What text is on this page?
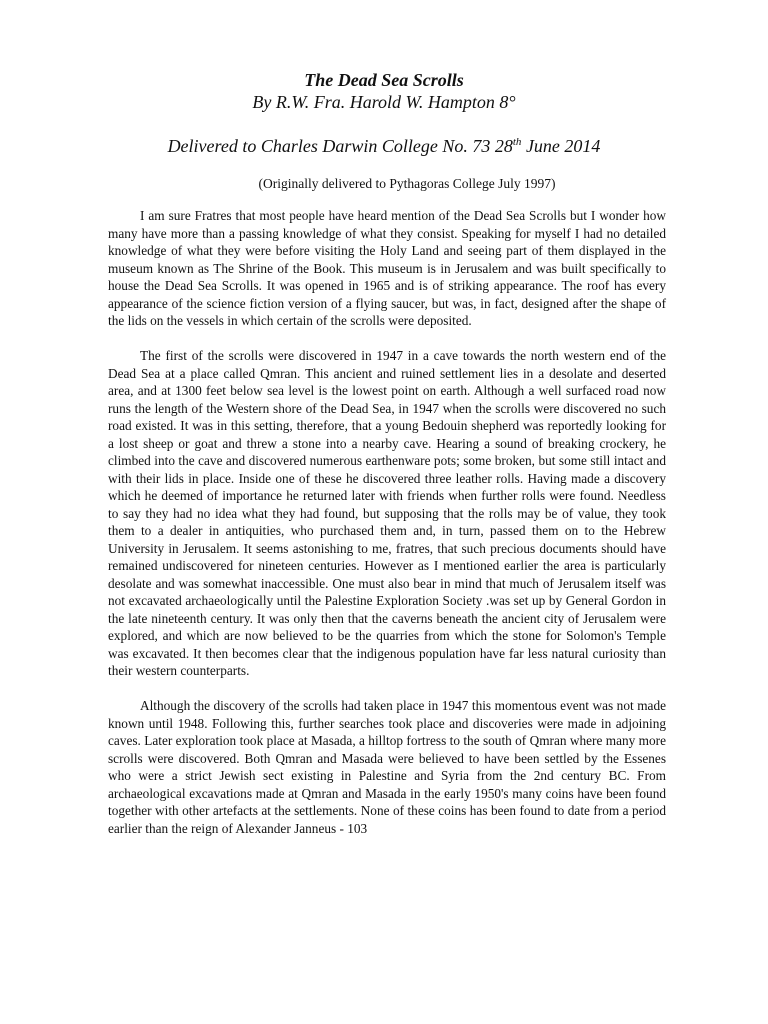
The Dead Sea Scrolls
By R.W. Fra. Harold W. Hampton 8°
Delivered to Charles Darwin College No. 73 28th June 2014
(Originally delivered to Pythagoras College July 1997)

I am sure Fratres that most people have heard mention of the Dead Sea Scrolls but I wonder how many have more than a passing knowledge of what they consist. Speaking for myself I had no detailed knowledge of what they were before visiting the Holy Land and seeing part of them displayed in the museum known as The Shrine of the Book. This museum is in Jerusalem and was built specifically to house the Dead Sea Scrolls. It was opened in 1965 and is of striking appearance. The roof has every appearance of the science fiction version of a flying saucer, but was, in fact, designed after the shape of the lids on the vessels in which certain of the scrolls were deposited.

The first of the scrolls were discovered in 1947 in a cave towards the north western end of the Dead Sea at a place called Qmran. This ancient and ruined settlement lies in a desolate and deserted area, and at 1300 feet below sea level is the lowest point on earth. Although a well surfaced road now runs the length of the Western shore of the Dead Sea, in 1947 when the scrolls were discovered no such road existed. It was in this setting, therefore, that a young Bedouin shepherd was reportedly looking for a lost sheep or goat and threw a stone into a nearby cave. Hearing a sound of breaking crockery, he climbed into the cave and discovered numerous earthenware pots; some broken, but some still intact and with their lids in place. Inside one of these he discovered three leather rolls. Having made a discovery which he deemed of importance he returned later with friends when further rolls were found. Needless to say they had no idea what they had found, but supposing that the rolls may be of value, they took them to a dealer in antiquities, who purchased them and, in turn, passed them on to the Hebrew University in Jerusalem. It seems astonishing to me, fratres, that such precious documents should have remained undiscovered for nineteen centuries. However as I mentioned earlier the area is particularly desolate and was somewhat inaccessible. One must also bear in mind that much of Jerusalem itself was not excavated archaeologically until the Palestine Exploration Society .was set up by General Gordon in the late nineteenth century. It was only then that the caverns beneath the ancient city of Jerusalem were explored, and which are now believed to be the quarries from which the stone for Solomon's Temple was excavated. It then becomes clear that the indigenous population have far less natural curiosity than their western counterparts.

Although the discovery of the scrolls had taken place in 1947 this momentous event was not made known until 1948. Following this, further searches took place and discoveries were made in adjoining caves. Later exploration took place at Masada, a hilltop fortress to the south of Qmran where many more scrolls were discovered. Both Qmran and Masada were believed to have been settled by the Essenes who were a strict Jewish sect existing in Palestine and Syria from the 2nd century BC. From archaeological excavations made at Qmran and Masada in the early 1950's many coins have been found together with other artefacts at the settlements. None of these coins has been found to date from a period earlier than the reign of Alexander Janneus - 103
